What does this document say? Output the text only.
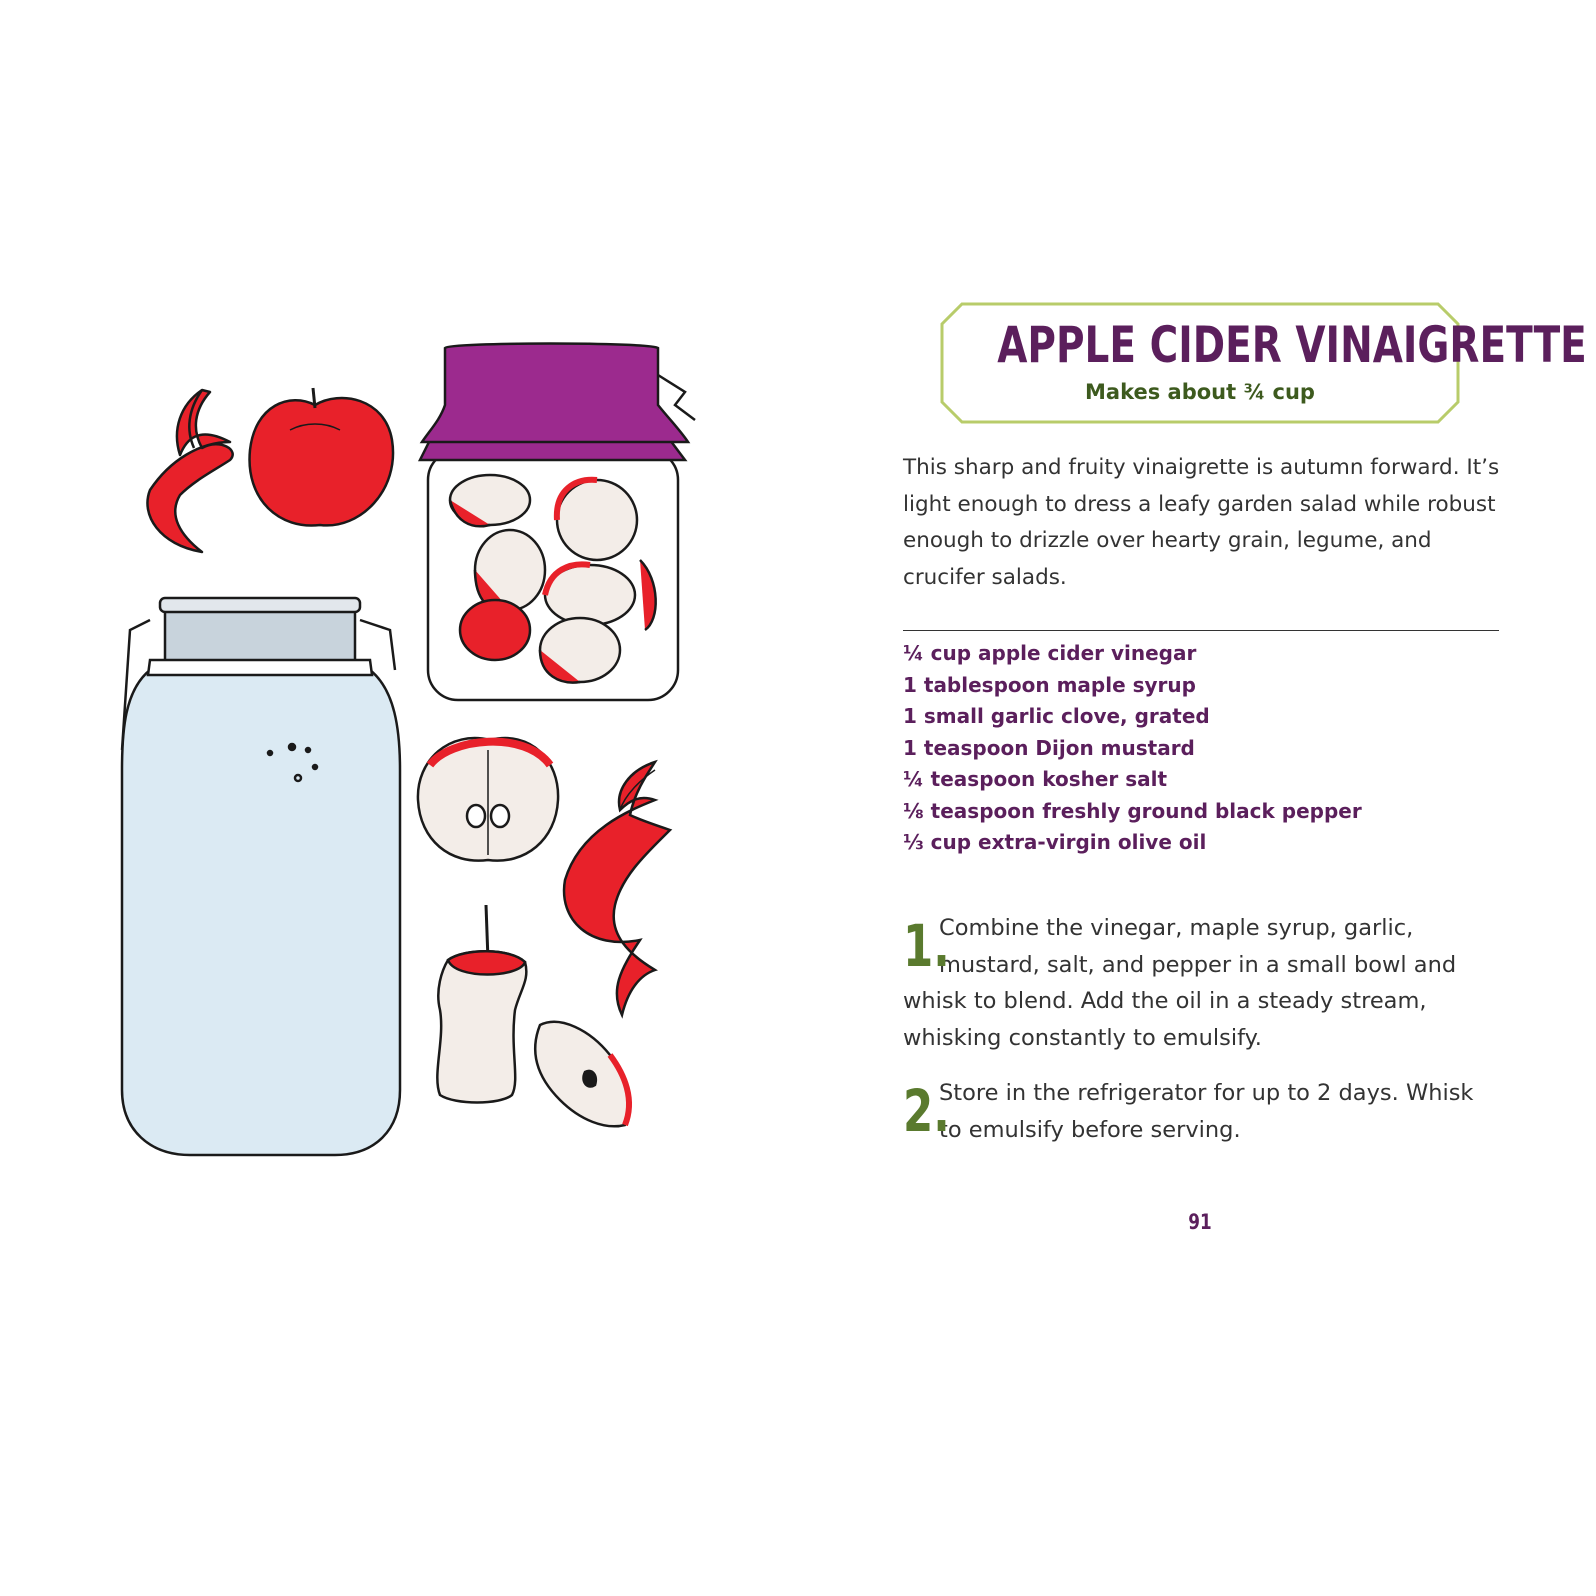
APPLE CIDER VINAIGRETTE
Makes about ¾ cup
This sharp and fruity vinaigrette is autumn forward. It’s light enough to dress a leafy garden salad while robust enough to drizzle over hearty grain, legume, and crucifer salads.
¼ cup apple cider vinegar
1 tablespoon maple syrup
1 small garlic clove, grated
1 teaspoon Dijon mustard
¼ teaspoon kosher salt
⅛ teaspoon freshly ground black pepper
⅓ cup extra-virgin olive oil
1.
Combine the vinegar, maple syrup, garlic, mustard, salt, and pepper in a small bowl and whisk to blend. Add the oil in a steady stream, whisking constantly to emulsify.
2.
Store in the refrigerator for up to 2 days. Whisk to emulsify before serving.
91
